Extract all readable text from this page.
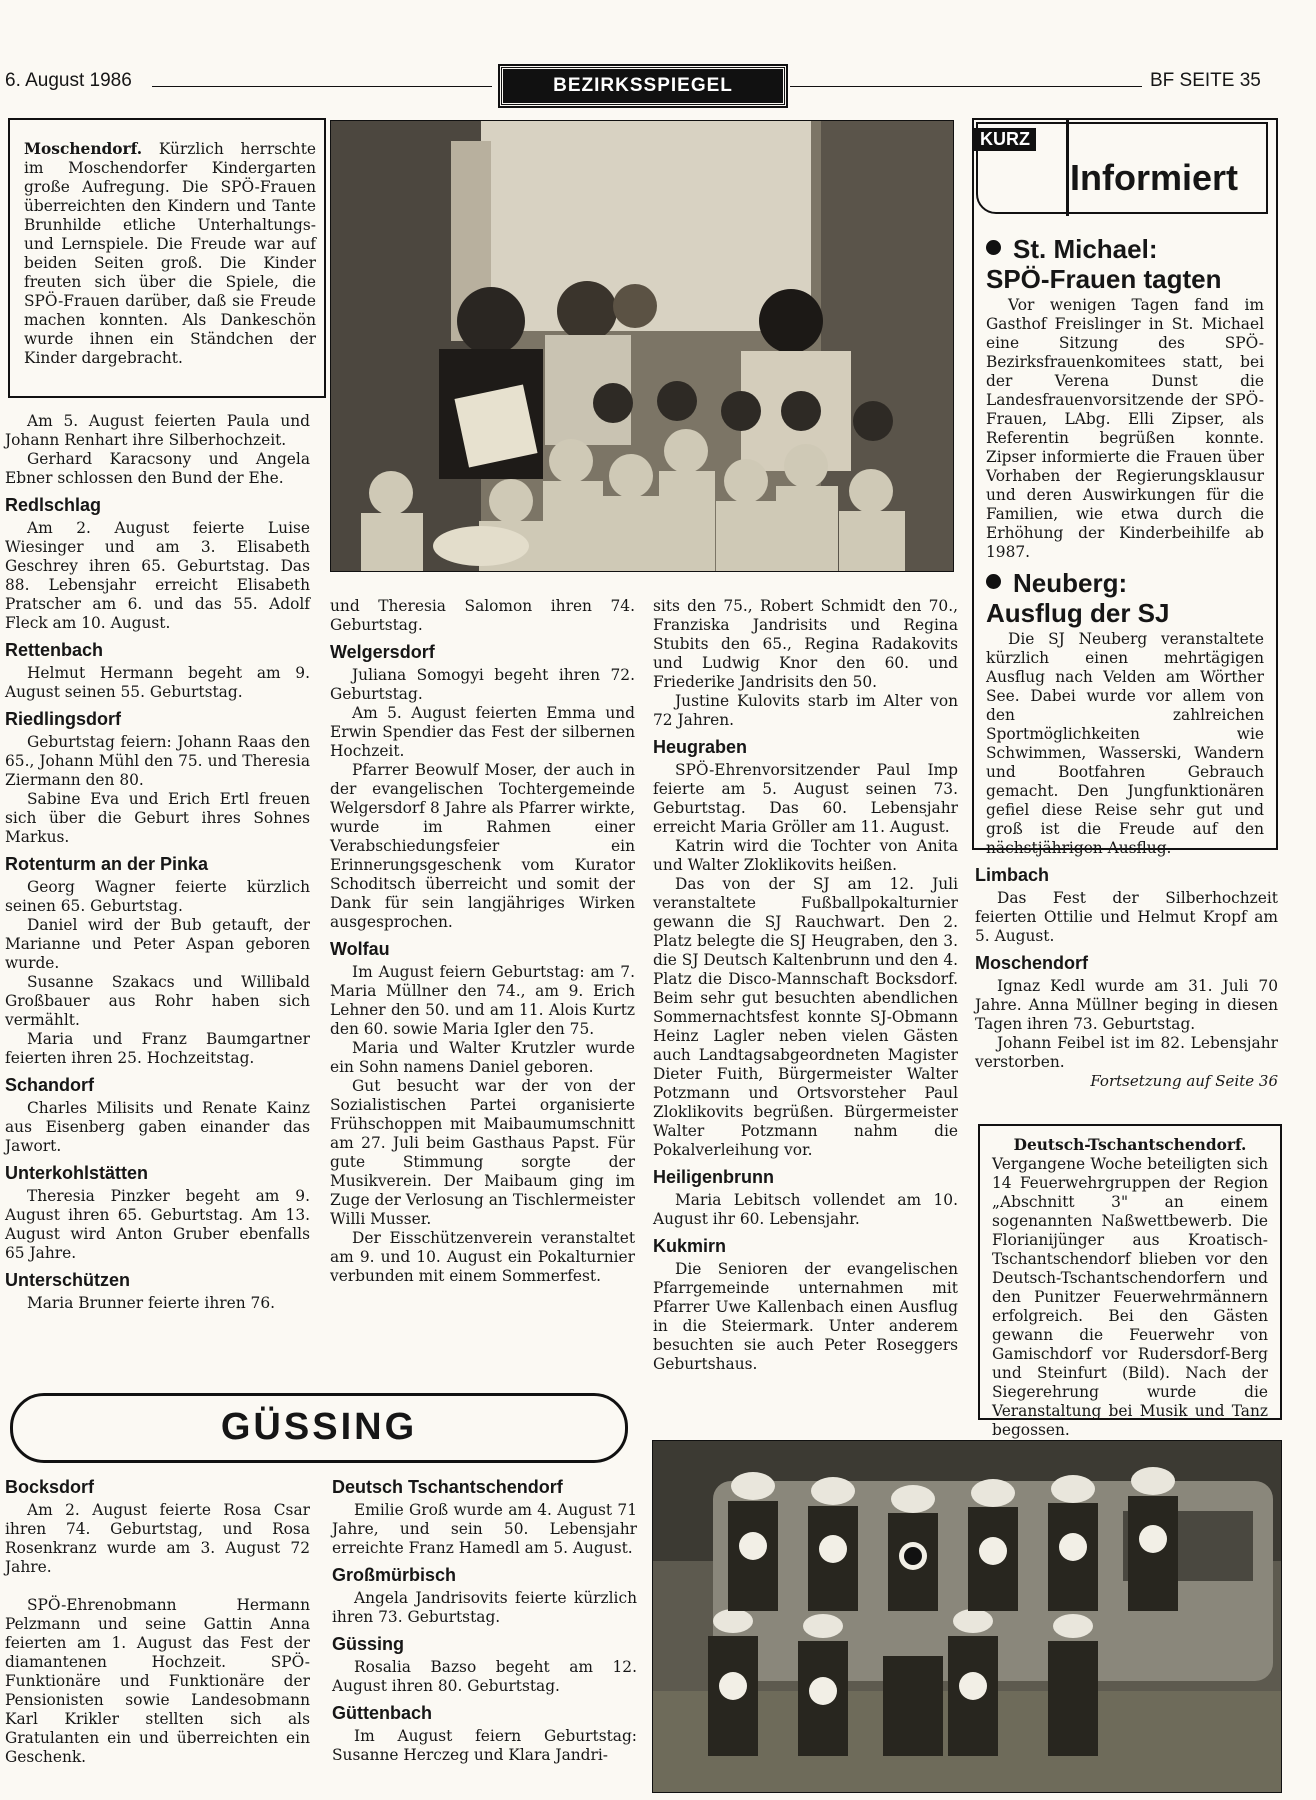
6. August 1986	BEZIRKSSPIEGEL	BF SEITE 35
Moschendorf. Kürzlich herrschte im Moschendorfer Kindergarten große Aufregung. Die SPÖ-Frauen überreichten den Kindern und Tante Brunhilde etliche Unterhaltungs- und Lernspiele. Die Freude war auf beiden Seiten groß. Die Kinder freuten sich über die Spiele, die SPÖ-Frauen darüber, daß sie Freude machen konnten. Als Dankeschön wurde ihnen ein Ständchen der Kinder dargebracht.

Am 5. August feierten Paula und Johann Renhart ihre Silberhochzeit.

Gerhard Karacsony und Angela Ebner schlossen den Bund der Ehe.

Redlschlag

Am 2. August feierte Luise Wiesinger und am 3. Elisabeth Geschrey ihren 65. Geburtstag. Das 88. Lebensjahr erreicht Elisabeth Pratscher am 6. und das 55. Adolf Fleck am 10. August.

Rettenbach

Helmut Hermann begeht am 9. August seinen 55. Geburtstag.

Riedlingsdorf

Geburtstag feiern: Johann Raas den 65., Johann Mühl den 75. und Theresia Ziermann den 80.

Sabine Eva und Erich Ertl freuen sich über die Geburt ihres Sohnes Markus.

Rotenturm an der Pinka

Georg Wagner feierte kürzlich seinen 65. Geburtstag.

Daniel wird der Bub getauft, der Marianne und Peter Aspan geboren wurde.

Susanne Szakacs und Willibald Großbauer aus Rohr haben sich vermählt.

Maria und Franz Baumgartner feierten ihren 25. Hochzeitstag.

Schandorf

Charles Milisits und Renate Kainz aus Eisenberg gaben einander das Jawort.

Unterkohlstätten

Theresia Pinzker begeht am 9. August ihren 65. Geburtstag. Am 13. August wird Anton Gruber ebenfalls 65 Jahre.

Unterschützen

Maria Brunner feierte ihren 76.

und Theresia Salomon ihren 74. Geburtstag.

Welgersdorf

Juliana Somogyi begeht ihren 72. Geburtstag.

Am 5. August feierten Emma und Erwin Spendier das Fest der silbernen Hochzeit.

Pfarrer Beowulf Moser, der auch in der evangelischen Tochtergemeinde Welgersdorf 8 Jahre als Pfarrer wirkte, wurde im Rahmen einer Verabschiedungsfeier ein Erinnerungsgeschenk vom Kurator Schoditsch überreicht und somit der Dank für sein langjähriges Wirken ausgesprochen.

Wolfau

Im August feiern Geburtstag: am 7. Maria Müllner den 74., am 9. Erich Lehner den 50. und am 11. Alois Kurtz den 60. sowie Maria Igler den 75.

Maria und Walter Krutzler wurde ein Sohn namens Daniel geboren.

Gut besucht war der von der Sozialistischen Partei organisierte Frühschoppen mit Maibaumumschnitt am 27. Juli beim Gasthaus Papst. Für gute Stimmung sorgte der Musikverein. Der Maibaum ging im Zuge der Verlosung an Tischlermeister Willi Musser.

Der Eisschützenverein veranstaltet am 9. und 10. August ein Pokalturnier verbunden mit einem Sommerfest.

sits den 75., Robert Schmidt den 70., Franziska Jandrisits und Regina Stubits den 65., Regina Radakovits und Ludwig Knor den 60. und Friederike Jandrisits den 50.

Justine Kulovits starb im Alter von 72 Jahren.

Heugraben

SPÖ-Ehrenvorsitzender Paul Imp feierte am 5. August seinen 73. Geburtstag. Das 60. Lebensjahr erreicht Maria Gröller am 11. August.

Katrin wird die Tochter von Anita und Walter Zloklikovits heißen.

Das von der SJ am 12. Juli veranstaltete Fußballpokalturnier gewann die SJ Rauchwart. Den 2. Platz belegte die SJ Heugraben, den 3. die SJ Deutsch Kaltenbrunn und den 4. Platz die Disco-Mannschaft Bocksdorf. Beim sehr gut besuchten abendlichen Sommernachtsfest konnte SJ-Obmann Heinz Lagler neben vielen Gästen auch Landtagsabgeordneten Magister Dieter Fuith, Bürgermeister Walter Potzmann und Ortsvorsteher Paul Zloklikovits begrüßen. Bürgermeister Walter Potzmann nahm die Pokalverleihung vor.

Heiligenbrunn

Maria Lebitsch vollendet am 10. August ihr 60. Lebensjahr.

Kukmirn

Die Senioren der evangelischen Pfarrgemeinde unternahmen mit Pfarrer Uwe Kallenbach einen Ausflug in die Steiermark. Unter anderem besuchten sie auch Peter Roseggers Geburtshaus.

KURZ
Informiert
St. Michael:
SPÖ-Frauen tagten
Vor wenigen Tagen fand im Gasthof Freislinger in St. Michael eine Sitzung des SPÖ-Bezirksfrauenkomitees statt, bei der Verena Dunst die Landesfrauenvorsitzende der SPÖ-Frauen, LAbg. Elli Zipser, als Referentin begrüßen konnte. Zipser informierte die Frauen über Vorhaben der Regierungsklausur und deren Auswirkungen für die Familien, wie etwa durch die Erhöhung der Kinderbeihilfe ab 1987.
Neuberg:
Ausflug der SJ
Die SJ Neuberg veranstaltete kürzlich einen mehrtägigen Ausflug nach Velden am Wörther See. Dabei wurde vor allem von den zahlreichen Sportmöglichkeiten wie Schwimmen, Wasserski, Wandern und Bootfahren Gebrauch gemacht. Den Jungfunktionären gefiel diese Reise sehr gut und groß ist die Freude auf den nächstjährigen Ausflug.
Limbach

Das Fest der Silberhochzeit feierten Ottilie und Helmut Kropf am 5. August.

Moschendorf

Ignaz Kedl wurde am 31. Juli 70 Jahre. Anna Müllner beging in diesen Tagen ihren 73. Geburtstag.

Johann Feibel ist im 82. Lebensjahr verstorben.

Fortsetzung auf Seite 36
Deutsch-Tschantschendorf.
Vergangene Woche beteiligten sich 14 Feuerwehrgruppen der Region „Abschnitt 3" an einem sogenannten Naßwettbewerb. Die Florianijünger aus Kroatisch-Tschantschendorf blieben vor den Deutsch-Tschantschendorfern und den Punitzer Feuerwehrmännern erfolgreich. Bei den Gästen gewann die Feuerwehr von Gamischdorf vor Rudersdorf-Berg und Steinfurt (Bild). Nach der Siegerehrung wurde die Veranstaltung bei Musik und Tanz begossen.
GÜSSING
Bocksdorf

Am 2. August feierte Rosa Csar ihren 74. Geburtstag, und Rosa Rosenkranz wurde am 3. August 72 Jahre.

SPÖ-Ehrenobmann Hermann Pelzmann und seine Gattin Anna feierten am 1. August das Fest der diamantenen Hochzeit. SPÖ-Funktionäre und Funktionäre der Pensionisten sowie Landesobmann Karl Krikler stellten sich als Gratulanten ein und überreichten ein Geschenk.

Deutsch Tschantschendorf

Emilie Groß wurde am 4. August 71 Jahre, und sein 50. Lebensjahr erreichte Franz Hamedl am 5. August.

Großmürbisch

Angela Jandrisovits feierte kürzlich ihren 73. Geburtstag.

Güssing

Rosalia Bazso begeht am 12. August ihren 80. Geburtstag.

Güttenbach

Im August feiern Geburtstag: Susanne Herczeg und Klara Jandri-
